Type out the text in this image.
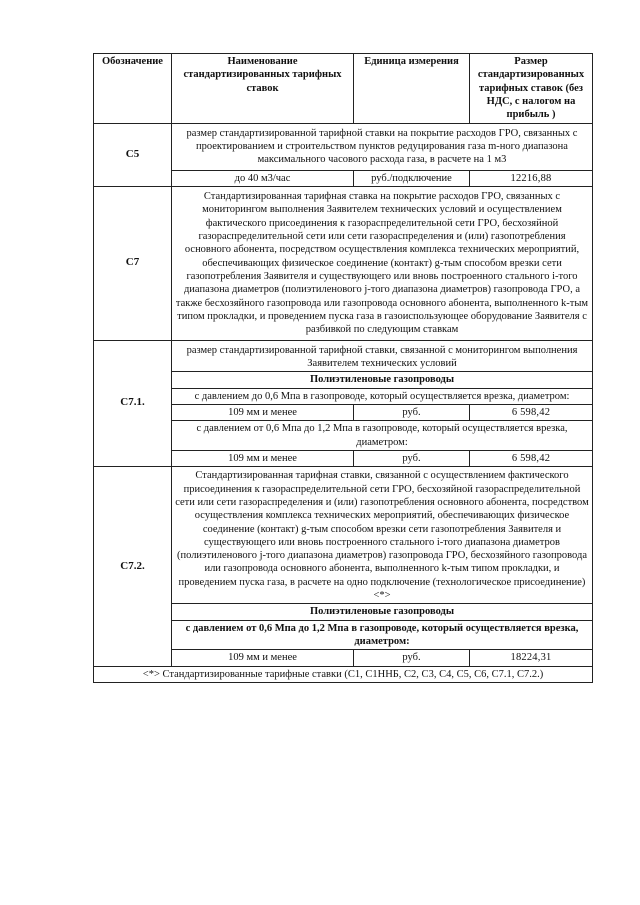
Обозначение	Наименование стандартизированных тарифных ставок	Единица измерения	Размер стандартизированных тарифных ставок (без НДС, с налогом на прибыль )
С5	размер стандартизированной тарифной ставки на покрытие расходов ГРО, связанных с проектированием и строительством пунктов редуцирования газа m-ного диапазона максимального часового расхода газа, в расчете на 1 м3		
	до 40 м3/час	руб./подключение	12216,88
С7	Стандартизированная тарифная ставка на покрытие расходов ГРО, связанных с мониторингом выполнения Заявителем технических условий и осуществлением фактического присоединения к газораспределительной сети ГРО, бесхозяйной газораспределительной сети или сети газораспределения и (или) газопотребления основного абонента, посредством осуществления комплекса технических мероприятий, обеспечивающих физическое соединение (контакт) g-тым способом врезки сети газопотребления Заявителя и существующего или вновь построенного стального i-того диапазона диаметров (полиэтиленового j-того диапазона диаметров) газопровода ГРО, а также бесхозяйного газопровода или газопровода основного абонента, выполненного k-тым типом прокладки, и проведением пуска газа в газоиспользующее оборудование Заявителя с разбивкой по следующим ставкам		
С7.1.	размер стандартизированной тарифной ставки, связанной с мониторингом выполнения Заявителем технических условий		
	Полиэтиленовые газопроводы		
	с давлением до 0,6 Мпа в газопроводе, который осуществляется врезка, диаметром:		
	109 мм и менее	руб.	6 598,42
	с давлением от 0,6 Мпа до 1,2 Мпа в газопроводе, который осуществляется врезка, диаметром:		
	109 мм и менее	руб.	6 598,42
С7.2.	Стандартизированная тарифная ставки, связанной с осуществлением фактического присоединения к газораспределительной сети ГРО, бесхозяйной газораспределительной сети или сети газораспределения и (или) газопотребления основного абонента, посредством осуществления комплекса технических мероприятий, обеспечивающих физическое соединение (контакт) g-тым способом врезки сети газопотребления Заявителя и существующего или вновь построенного стального i-того диапазона диаметров (полиэтиленового j-того диапазона диаметров) газопровода ГРО, бесхозяйного газопровода или газопровода основного абонента, выполненного k-тым типом прокладки, и проведением пуска газа, в расчете на одно подключение (технологическое присоединение) <*>		
	Полиэтиленовые газопроводы		
	с давлением от 0,6 Мпа до 1,2 Мпа в газопроводе, который осуществляется врезка, диаметром:		
	109 мм и менее	руб.	18224,31
<*> Стандартизированные тарифные ставки (С1, С1ННБ, С2, С3, С4, С5, С6, С7.1, С7.2.)			
